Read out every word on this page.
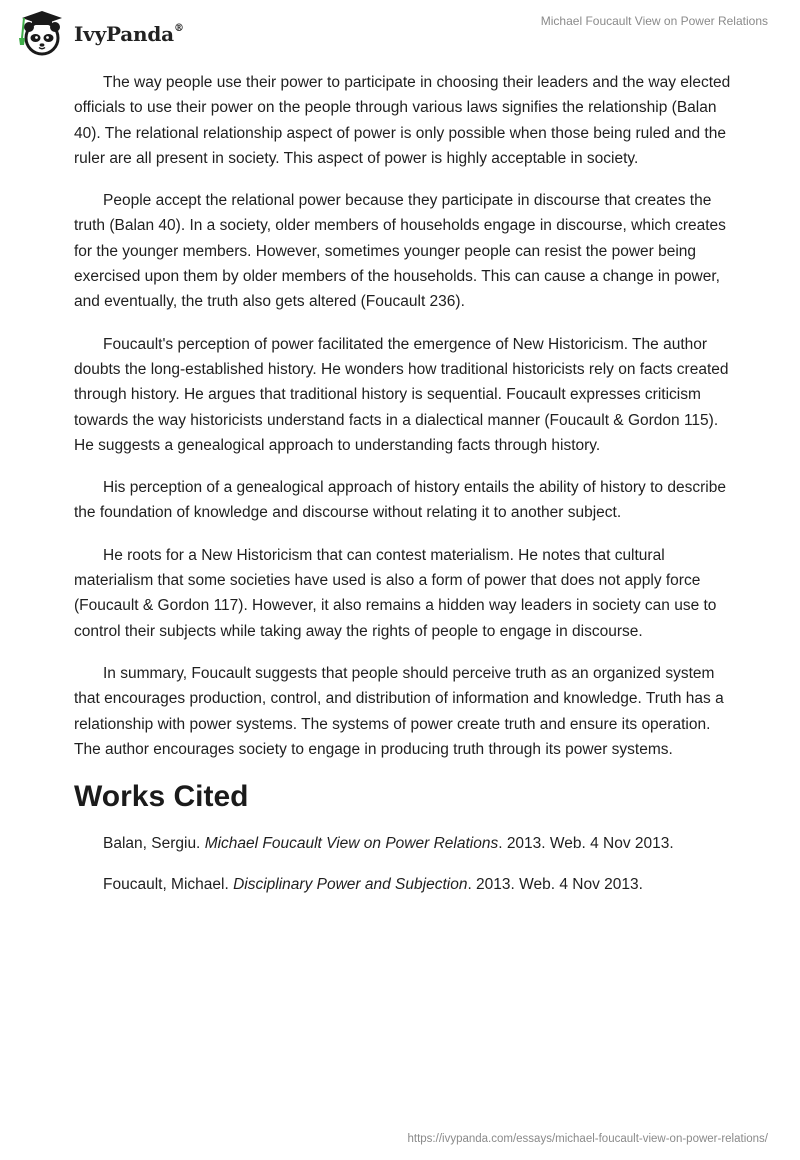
IvyPanda®
Michael Foucault View on Power Relations

The way people use their power to participate in choosing their leaders and the way elected officials to use their power on the people through various laws signifies the relationship (Balan 40). The relational relationship aspect of power is only possible when those being ruled and the ruler are all present in society. This aspect of power is highly acceptable in society.

People accept the relational power because they participate in discourse that creates the truth (Balan 40). In a society, older members of households engage in discourse, which creates for the younger members. However, sometimes younger people can resist the power being exercised upon them by older members of the households. This can cause a change in power, and eventually, the truth also gets altered (Foucault 236).

Foucault's perception of power facilitated the emergence of New Historicism. The author doubts the long-established history. He wonders how traditional historicists rely on facts created through history. He argues that traditional history is sequential. Foucault expresses criticism towards the way historicists understand facts in a dialectical manner (Foucault & Gordon 115). He suggests a genealogical approach to understanding facts through history.

His perception of a genealogical approach of history entails the ability of history to describe the foundation of knowledge and discourse without relating it to another subject.

He roots for a New Historicism that can contest materialism. He notes that cultural materialism that some societies have used is also a form of power that does not apply force (Foucault & Gordon 117). However, it also remains a hidden way leaders in society can use to control their subjects while taking away the rights of people to engage in discourse.

In summary, Foucault suggests that people should perceive truth as an organized system that encourages production, control, and distribution of information and knowledge. Truth has a relationship with power systems. The systems of power create truth and ensure its operation. The author encourages society to engage in producing truth through its power systems.

Works Cited
Balan, Sergiu. Michael Foucault View on Power Relations. 2013. Web. 4 Nov 2013.
Foucault, Michael. Disciplinary Power and Subjection. 2013. Web. 4 Nov 2013.
https://ivypanda.com/essays/michael-foucault-view-on-power-relations/
